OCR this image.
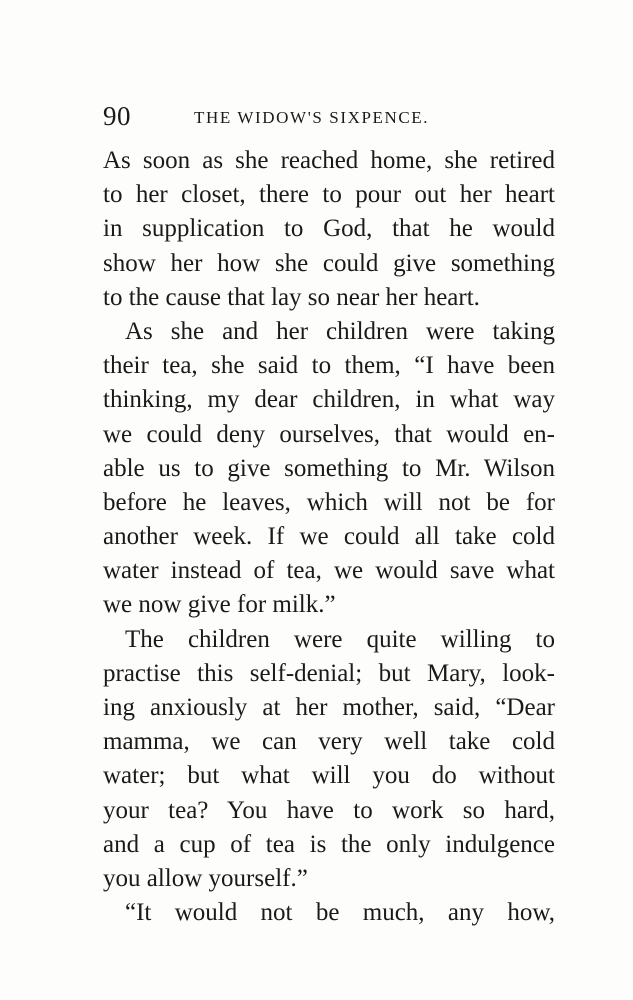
90	THE WIDOW'S SIXPENCE.
As soon as she reached home, she retired
to her closet, there to pour out her heart
in supplication to God, that he would
show her how she could give something
to the cause that lay so near her heart.
As she and her children were taking
their tea, she said to them, “I have been
thinking, my dear children, in what way
we could deny ourselves, that would en-
able us to give something to Mr. Wilson
before he leaves, which will not be for
another week. If we could all take cold
water instead of tea, we would save what
we now give for milk.”
The children were quite willing to
practise this self-denial; but Mary, look-
ing anxiously at her mother, said, “Dear
mamma, we can very well take cold
water; but what will you do without
your tea? You have to work so hard,
and a cup of tea is the only indulgence
you allow yourself.”
“It would not be much, any how,
